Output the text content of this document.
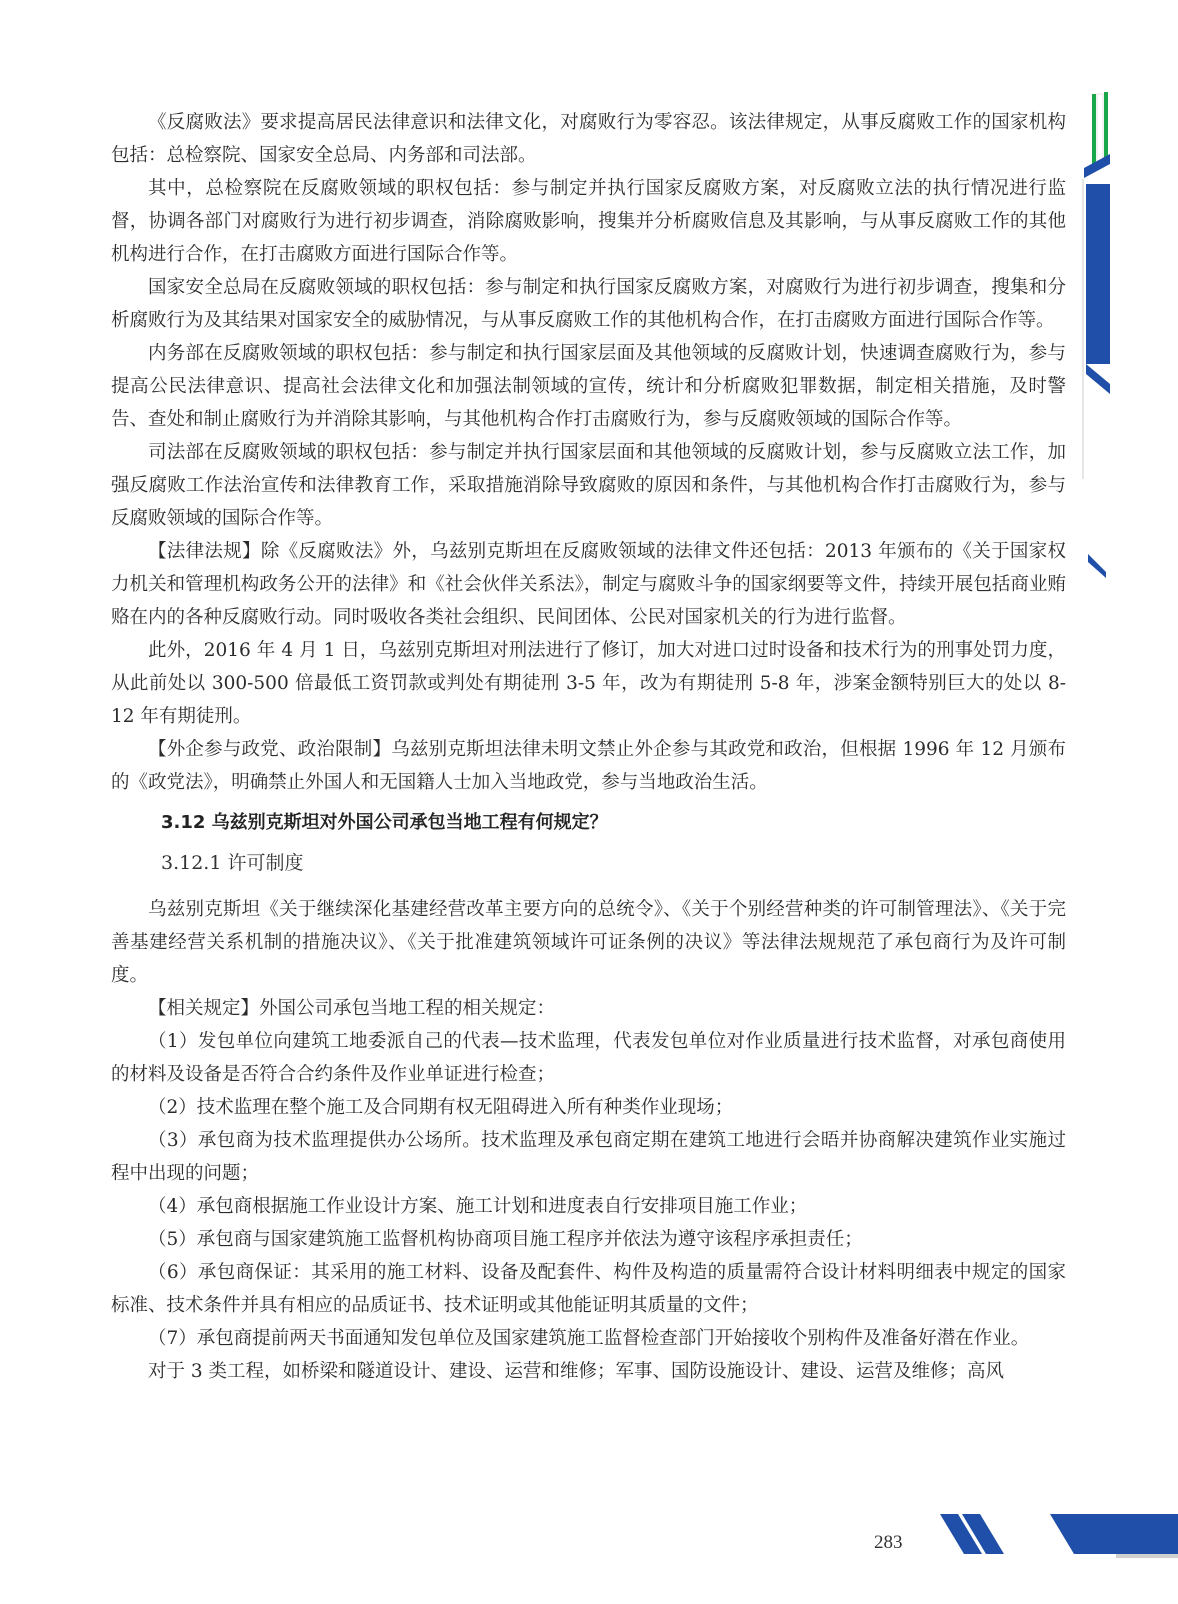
《反腐败法》要求提高居民法律意识和法律文化，对腐败行为零容忍。该法律规定，从事反腐败工作的国家机构包括：总检察院、国家安全总局、内务部和司法部。

其中，总检察院在反腐败领域的职权包括：参与制定并执行国家反腐败方案，对反腐败立法的执行情况进行监督，协调各部门对腐败行为进行初步调查，消除腐败影响，搜集并分析腐败信息及其影响，与从事反腐败工作的其他机构进行合作，在打击腐败方面进行国际合作等。

国家安全总局在反腐败领域的职权包括：参与制定和执行国家反腐败方案，对腐败行为进行初步调查，搜集和分析腐败行为及其结果对国家安全的威胁情况，与从事反腐败工作的其他机构合作，在打击腐败方面进行国际合作等。

内务部在反腐败领域的职权包括：参与制定和执行国家层面及其他领域的反腐败计划，快速调查腐败行为，参与提高公民法律意识、提高社会法律文化和加强法制领域的宣传，统计和分析腐败犯罪数据，制定相关措施，及时警告、查处和制止腐败行为并消除其影响，与其他机构合作打击腐败行为，参与反腐败领域的国际合作等。

司法部在反腐败领域的职权包括：参与制定并执行国家层面和其他领域的反腐败计划，参与反腐败立法工作，加强反腐败工作法治宣传和法律教育工作，采取措施消除导致腐败的原因和条件，与其他机构合作打击腐败行为，参与反腐败领域的国际合作等。

【法律法规】除《反腐败法》外，乌兹别克斯坦在反腐败领域的法律文件还包括：2013 年颁布的《关于国家权力机关和管理机构政务公开的法律》和《社会伙伴关系法》，制定与腐败斗争的国家纲要等文件，持续开展包括商业贿赂在内的各种反腐败行动。同时吸收各类社会组织、民间团体、公民对国家机关的行为进行监督。

此外，2016 年 4 月 1 日，乌兹别克斯坦对刑法进行了修订，加大对进口过时设备和技术行为的刑事处罚力度，从此前处以 300-500 倍最低工资罚款或判处有期徒刑 3-5 年，改为有期徒刑 5-8 年，涉案金额特别巨大的处以 8-12 年有期徒刑。

【外企参与政党、政治限制】乌兹别克斯坦法律未明文禁止外企参与其政党和政治，但根据 1996 年 12 月颁布的《政党法》，明确禁止外国人和无国籍人士加入当地政党，参与当地政治生活。

3.12 乌兹别克斯坦对外国公司承包当地工程有何规定？
3.12.1 许可制度

乌兹别克斯坦《关于继续深化基建经营改革主要方向的总统令》、《关于个别经营种类的许可制管理法》、《关于完善基建经营关系机制的措施决议》、《关于批准建筑领域许可证条例的决议》等法律法规规范了承包商行为及许可制度。

【相关规定】外国公司承包当地工程的相关规定：

（1）发包单位向建筑工地委派自己的代表—技术监理，代表发包单位对作业质量进行技术监督，对承包商使用的材料及设备是否符合合约条件及作业单证进行检查；

（2）技术监理在整个施工及合同期有权无阻碍进入所有种类作业现场；

（3）承包商为技术监理提供办公场所。技术监理及承包商定期在建筑工地进行会晤并协商解决建筑作业实施过程中出现的问题；

（4）承包商根据施工作业设计方案、施工计划和进度表自行安排项目施工作业；

（5）承包商与国家建筑施工监督机构协商项目施工程序并依法为遵守该程序承担责任；

（6）承包商保证：其采用的施工材料、设备及配套件、构件及构造的质量需符合设计材料明细表中规定的国家标准、技术条件并具有相应的品质证书、技术证明或其他能证明其质量的文件；

（7）承包商提前两天书面通知发包单位及国家建筑施工监督检查部门开始接收个别构件及准备好潜在作业。

对于 3 类工程，如桥梁和隧道设计、建设、运营和维修；军事、国防设施设计、建设、运营及维修；高风

283
